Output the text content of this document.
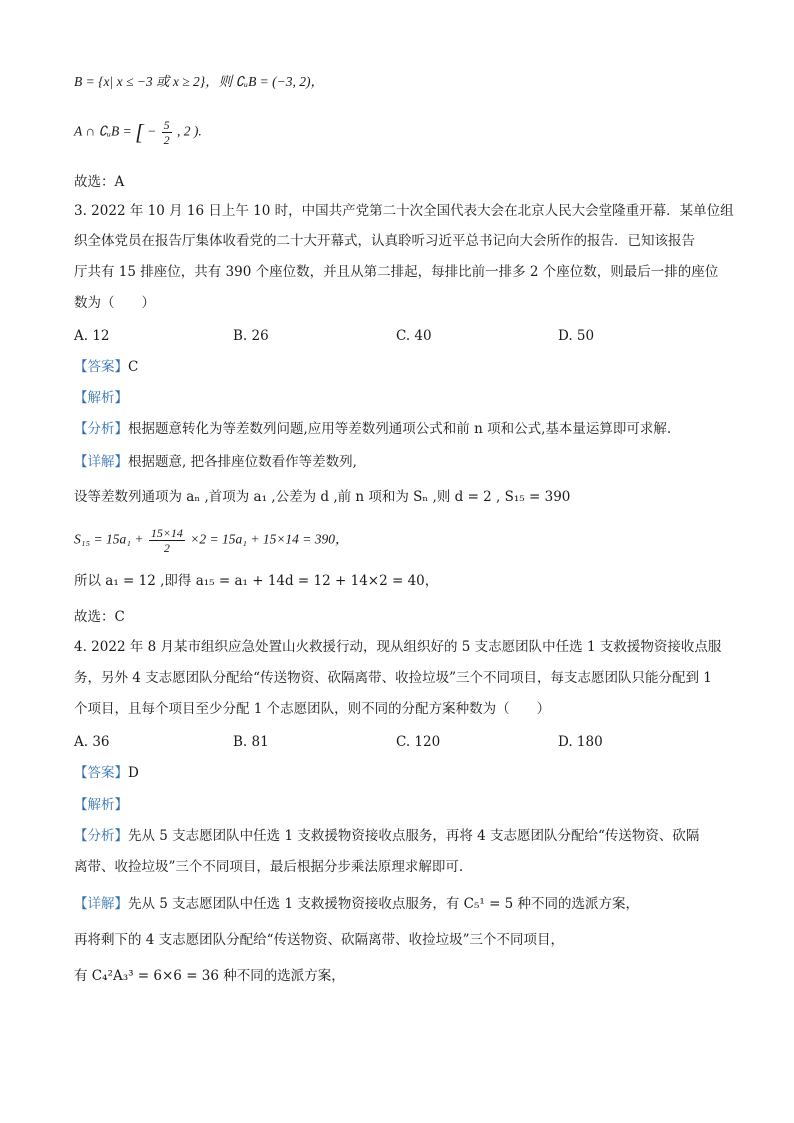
B = {x| x ≤ −3 或 x ≥ 2}，则 ∁ᵤB = (−3, 2)，
A ∩ ∁ᵤB = [ − $\frac{5}{2}$ , 2 ).
故选：A
3. 2022 年 10 月 16 日上午 10 时，中国共产党第二十次全国代表大会在北京人民大会堂隆重开幕．某单位组
织全体党员在报告厅集体收看党的二十大开幕式，认真聆听习近平总书记向大会所作的报告．已知该报告
厅共有 15 排座位，共有 390 个座位数，并且从第二排起，每排比前一排多 2 个座位数，则最后一排的座位
数为（　　）
A. 12	B. 26	C. 40	D. 50
【答案】C
【解析】
【分析】根据题意转化为等差数列问题,应用等差数列通项公式和前 n 项和公式,基本量运算即可求解.
【详解】根据题意, 把各排座位数看作等差数列,
设等差数列通项为 aₙ ,首项为 a₁ ,公差为 d ,前 n 项和为 Sₙ ,则 d = 2 , S₁₅ = 390
$S_{15} = 15a_1 + \frac{15\times 14}{2} \times 2 = 15a_1 + 15\times 14 = 390$，
所以 a₁ = 12 ,即得 a₁₅ = a₁ + 14d = 12 + 14×2 = 40，
故选：C
4. 2022 年 8 月某市组织应急处置山火救援行动，现从组织好的 5 支志愿团队中任选 1 支救援物资接收点服
务，另外 4 支志愿团队分配给“传送物资、砍隔离带、收捡垃圾”三个不同项目，每支志愿团队只能分配到 1
个项目，且每个项目至少分配 1 个志愿团队，则不同的分配方案种数为（　　）
A. 36	B. 81	C. 120	D. 180
【答案】D
【解析】
【分析】先从 5 支志愿团队中任选 1 支救援物资接收点服务，再将 4 支志愿团队分配给“传送物资、砍隔
离带、收捡垃圾”三个不同项目，最后根据分步乘法原理求解即可.
【详解】先从 5 支志愿团队中任选 1 支救援物资接收点服务，有 C₅¹ = 5 种不同的选派方案，
再将剩下的 4 支志愿团队分配给“传送物资、砍隔离带、收捡垃圾”三个不同项目，
有 C₄²A₃³ = 6×6 = 36 种不同的选派方案，
